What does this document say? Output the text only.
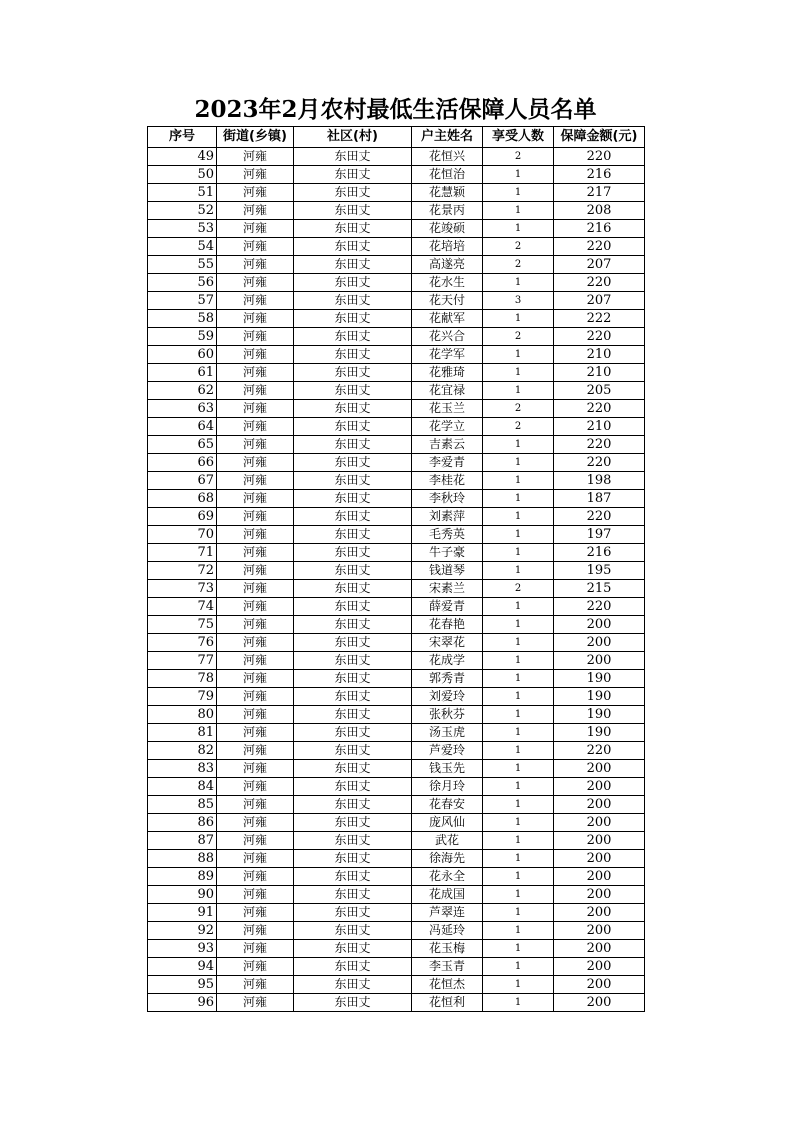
2023年2月农村最低生活保障人员名单
序号	街道(乡镇)	社区(村)	户主姓名	享受人数	保障金额(元)
49	河雍	东田丈	花恒兴	2	220
50	河雍	东田丈	花恒治	1	216
51	河雍	东田丈	花慧颖	1	217
52	河雍	东田丈	花景丙	1	208
53	河雍	东田丈	花竣硕	1	216
54	河雍	东田丈	花培培	2	220
55	河雍	东田丈	高遂亮	2	207
56	河雍	东田丈	花水生	1	220
57	河雍	东田丈	花天付	3	207
58	河雍	东田丈	花献军	1	222
59	河雍	东田丈	花兴合	2	220
60	河雍	东田丈	花学军	1	210
61	河雍	东田丈	花雅琦	1	210
62	河雍	东田丈	花宜禄	1	205
63	河雍	东田丈	花玉兰	2	220
64	河雍	东田丈	花学立	2	210
65	河雍	东田丈	吉素云	1	220
66	河雍	东田丈	李爱青	1	220
67	河雍	东田丈	李桂花	1	198
68	河雍	东田丈	李秋玲	1	187
69	河雍	东田丈	刘素萍	1	220
70	河雍	东田丈	毛秀英	1	197
71	河雍	东田丈	牛子豪	1	216
72	河雍	东田丈	钱道琴	1	195
73	河雍	东田丈	宋素兰	2	215
74	河雍	东田丈	薛爱青	1	220
75	河雍	东田丈	花春艳	1	200
76	河雍	东田丈	宋翠花	1	200
77	河雍	东田丈	花成学	1	200
78	河雍	东田丈	郭秀青	1	190
79	河雍	东田丈	刘爱玲	1	190
80	河雍	东田丈	张秋芬	1	190
81	河雍	东田丈	汤玉虎	1	190
82	河雍	东田丈	芦爱玲	1	220
83	河雍	东田丈	钱玉先	1	200
84	河雍	东田丈	徐月玲	1	200
85	河雍	东田丈	花春安	1	200
86	河雍	东田丈	庞风仙	1	200
87	河雍	东田丈	武花	1	200
88	河雍	东田丈	徐海先	1	200
89	河雍	东田丈	花永全	1	200
90	河雍	东田丈	花成国	1	200
91	河雍	东田丈	芦翠连	1	200
92	河雍	东田丈	冯延玲	1	200
93	河雍	东田丈	花玉梅	1	200
94	河雍	东田丈	李玉青	1	200
95	河雍	东田丈	花恒杰	1	200
96	河雍	东田丈	花恒利	1	200
